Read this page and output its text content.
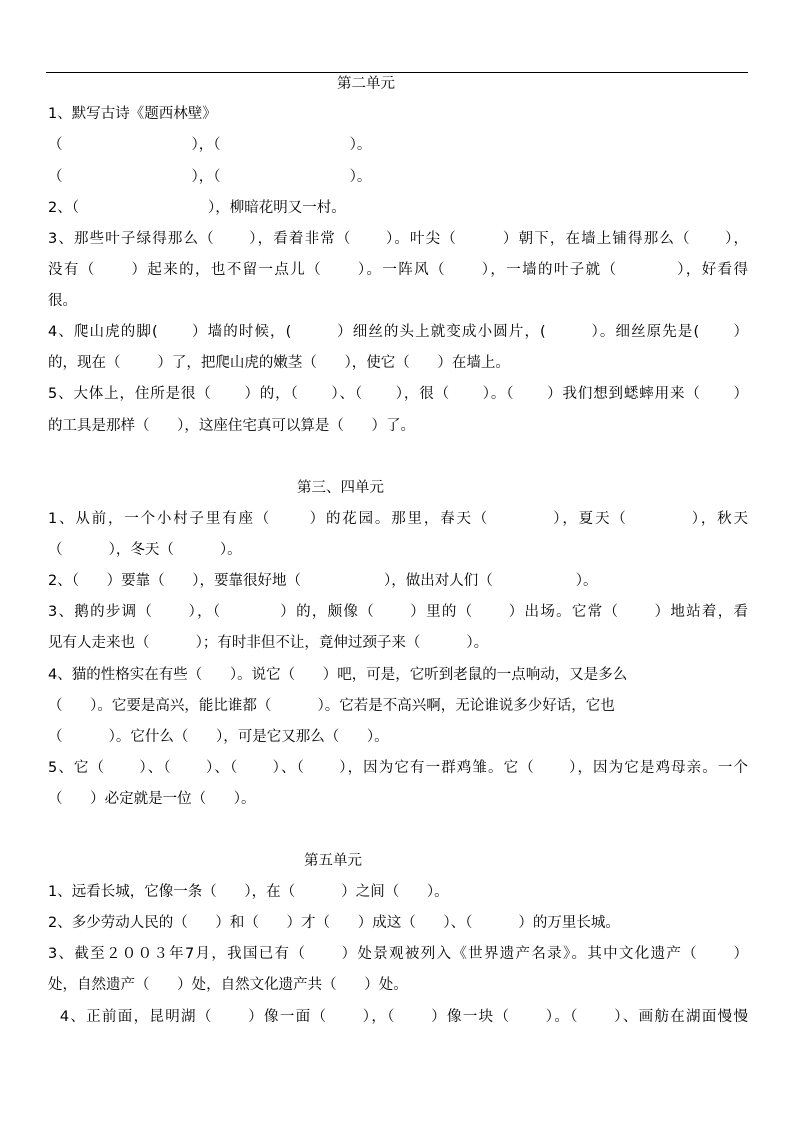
第二单元
1、默写古诗《题西林壁》
（                            ），（                            ）。
（                            ），（                            ）。
2、（                            ），柳暗花明又一村。
3、那些叶子绿得那么（      ），看着非常（      ）。叶尖（        ）朝下，在墙上铺得那么（      ），
没有（      ）起来的，也不留一点儿（      ）。一阵风（      ），一墙的叶子就（          ），好看得
很。
4、爬山虎的脚(      ）墙的时候，(        ）细丝的头上就变成小圆片，(        ）。细丝原先是(      ）
的，现在（        ）了，把爬山虎的嫩茎（      ），使它（      ）在墙上。
5、大体上，住所是很（      ）的，（      ）、（      ），很（      ）。（      ）我们想到蟋蟀用来（      ）
的工具是那样（      ），这座住宅真可以算是（      ）了。
第三、四单元
1、从前，一个小村子里有座（      ）的花园。那里，春天（          ），夏天（          ），秋天
（          ），冬天（          ）。
2、（      ）要靠（      ），要靠很好地（                  ），做出对人们（                  ）。
3、鹅的步调（      ），（          ）的，颇像（      ）里的（      ）出场。它常（      ）地站着，看
见有人走来也（          ）；有时非但不让，竟伸过颈子来（          ）。
4、猫的性格实在有些（      ）。说它（      ）吧，可是，它听到老鼠的一点响动，又是多么
（      ）。它要是高兴，能比谁都（          ）。它若是不高兴啊，无论谁说多少好话，它也
（          ）。它什么（      ），可是它又那么（      ）。
5、它（      ）、（      ）、（      ）、（      ），因为它有一群鸡雏。它（      ），因为它是鸡母亲。一个
（      ）必定就是一位（      ）。
第五单元
1、远看长城，它像一条（      ），在（          ）之间（      ）。
2、多少劳动人民的（      ）和（      ）才（      ）成这（      ）、（          ）的万里长城。
3、截至２００３年7月，我国已有（      ）处景观被列入《世界遗产名录》。其中文化遗产（      ）
处，自然遗产（      ）处，自然文化遗产共（      ）处。
4、正前面，昆明湖（      ）像一面（      ），（      ）像一块（      ）。（      ）、画舫在湖面慢慢
